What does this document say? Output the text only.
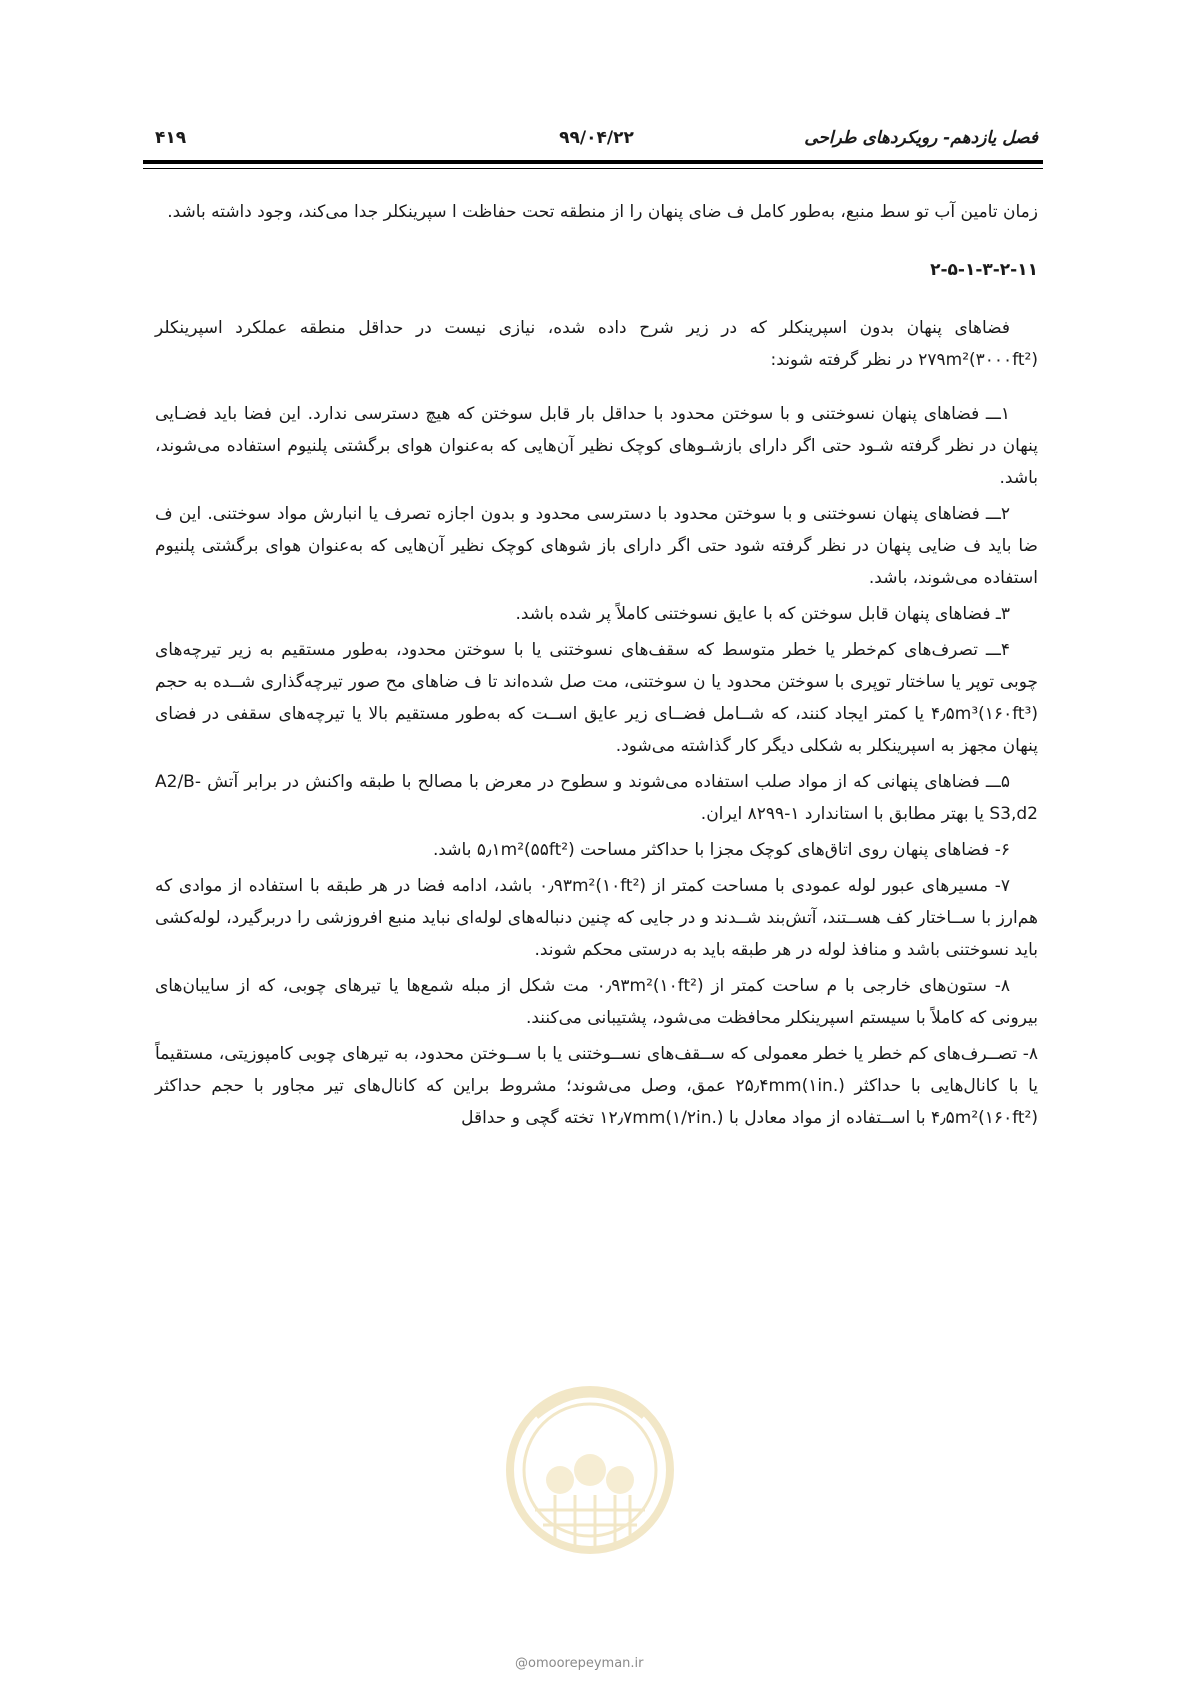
فصل یازدهم- رویکردهای طراحی
۹۹/۰۴/۲۲
۴۱۹

زمان تامین آب تو سط منبع، به‌طور کامل ف ضای پنهان را از منطقه تحت حفاظت ا سپرینکلر جدا می‌کند، وجود داشته باشد.

۲-۵-۱-۳-۲-۱۱

فضاهای پنهان بدون اسپرینکلر که در زیر شرح داده شده، نیازی نیست در حداقل منطقه عملکرد اسپرینکلر ۲۷۹m²(۳۰۰۰ft²) در نظر گرفته شوند:

۱ـــ فضاهای پنهان نسوختنی و با سوختن محدود با حداقل بار قابل سوختن که هیچ دسترسی ندارد. این فضا باید فضـایی پنهان در نظر گرفته شـود حتی اگر دارای بازشـوهای کوچک نظیر آن‌هایی که به‌عنوان هوای برگشتی پلنیوم استفاده می‌شوند، باشد.

۲ـــ فضاهای پنهان نسوختنی و با سوختن محدود با دسترسی محدود و بدون اجازه تصرف یا انبارش مواد سوختنی. این ف ضا باید ف ضایی پنهان در نظر گرفته شود حتی اگر دارای باز شوهای کوچک نظیر آن‌هایی که به‌عنوان هوای برگشتی پلنیوم استفاده می‌شوند، باشد.

۳ـ فضاهای پنهان قابل سوختن که با عایق نسوختنی کاملاً پر شده باشد.

۴ـــ تصرف‌های کم‌خطر یا خطر متوسط که سقف‌های نسوختنی یا با سوختن محدود، به‌طور مستقیم به زیر تیرچه‌های چوبی توپر یا ساختار توپری با سوختن محدود یا ن سوختنی، مت صل شده‌اند تا ف ضاهای مح صور تیرچه‌گذاری شــده به حجم ۴٫۵m³(۱۶۰ft³) یا کمتر ایجاد کنند، که شــامل فضــای زیر عایق اســت که به‌طور مستقیم بالا یا تیرچه‌های سقفی در فضای پنهان مجهز به اسپرینکلر به شکلی دیگر کار گذاشته می‌شود.

۵ـــ فضاهای پنهانی که از مواد صلب استفاده می‌شوند و سطوح در معرض با مصالح با طبقه واکنش در برابر آتش A2/B-S3,d2 یا بهتر مطابق با استاندارد ۱-۸۲۹۹ ایران.

۶- فضاهای پنهان روی اتاق‌های کوچک مجزا با حداکثر مساحت ۵٫۱m²(۵۵ft²) باشد.

۷- مسیرهای عبور لوله عمودی با مساحت کمتر از ۰٫۹۳m²(۱۰ft²) باشد، ادامه فضا در هر طبقه با استفاده از موادی که هم‌ارز با ســاختار کف هســتند، آتش‌بند شــدند و در جایی که چنین دنباله‌های لوله‌ای نباید منبع افروزشی را دربرگیرد، لوله‌کشی باید نسوختنی باشد و منافذ لوله در هر طبقه باید به درستی محکم شوند.

۸- ستون‌های خارجی با م ساحت کمتر از ۰٫۹۳m²(۱۰ft²) مت شکل از مبله شمع‌ها یا تیرهای چوبی، که از سایبان‌های بیرونی که کاملاً با سیستم اسپرینکلر محافظت می‌شود، پشتیبانی می‌کنند.

۸- تصــرف‌های کم خطر یا خطر معمولی که ســقف‌های نســوختنی یا با ســوختن محدود، به تیرهای چوبی کامپوزیتی، مستقیماً یا با کانال‌هایی با حداکثر ۲۵٫۴mm(۱in.) عمق، وصل می‌شوند؛ مشروط براین که کانال‌های تیر مجاور با حجم حداکثر ۴٫۵m²(۱۶۰ft²) با اســتفاده از مواد معادل با ۱۲٫۷mm(۱/۲in.) تخته گچی و حداقل

@omoorepeyman.ir
